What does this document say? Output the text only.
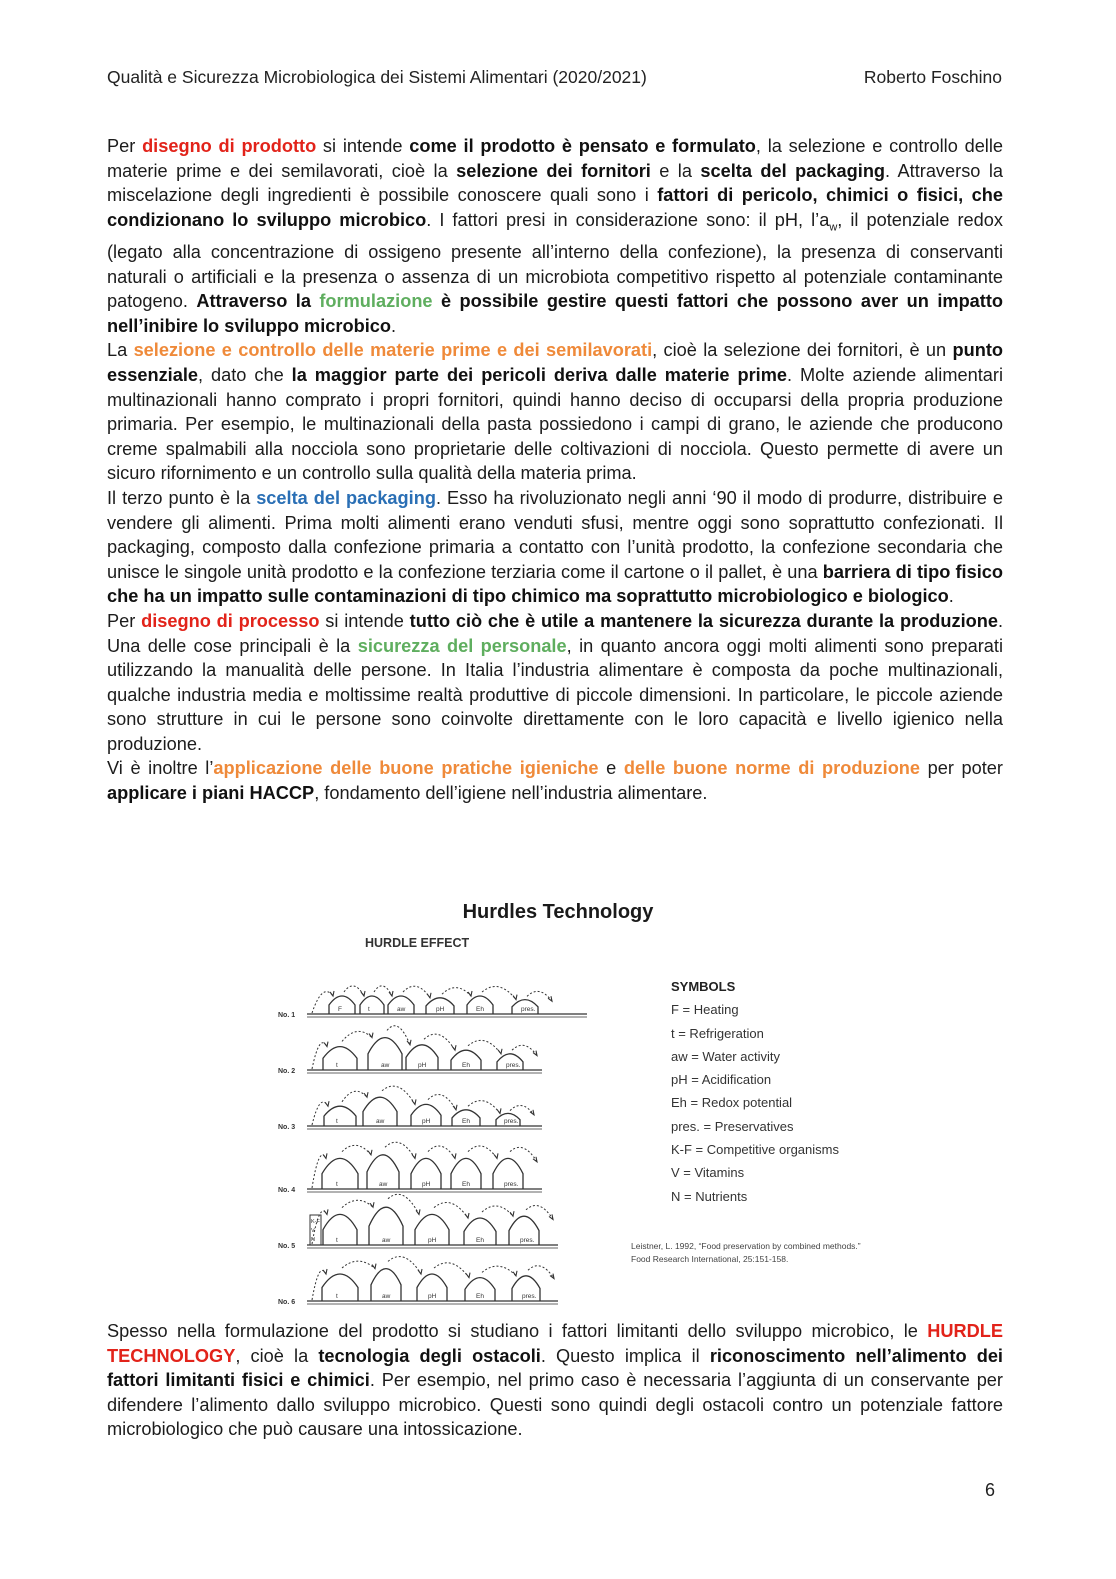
Qualità e Sicurezza Microbiologica dei Sistemi Alimentari (2020/2021)	Roberto Foschino

Per disegno di prodotto si intende come il prodotto è pensato e formulato, la selezione e controllo delle materie prime e dei semilavorati, cioè la selezione dei fornitori e la scelta del packaging. Attraverso la miscelazione degli ingredienti è possibile conoscere quali sono i fattori di pericolo, chimici o fisici, che condizionano lo sviluppo microbico. I fattori presi in considerazione sono: il pH, $l’a_w$, il potenziale redox (legato alla concentrazione di ossigeno presente all’interno della confezione), la presenza di conservanti naturali o artificiali e la presenza o assenza di un microbiota competitivo rispetto al potenziale contaminante patogeno. Attraverso la formulazione è possibile gestire questi fattori che possono aver un impatto nell’inibire lo sviluppo microbico.

La selezione e controllo delle materie prime e dei semilavorati, cioè la selezione dei fornitori, è un punto essenziale, dato che la maggior parte dei pericoli deriva dalle materie prime. Molte aziende alimentari multinazionali hanno comprato i propri fornitori, quindi hanno deciso di occuparsi della propria produzione primaria. Per esempio, le multinazionali della pasta possiedono i campi di grano, le aziende che producono creme spalmabili alla nocciola sono proprietarie delle coltivazioni di nocciola. Questo permette di avere un sicuro rifornimento e un controllo sulla qualità della materia prima.

Il terzo punto è la scelta del packaging. Esso ha rivoluzionato negli anni ‘90 il modo di produrre, distribuire e vendere gli alimenti. Prima molti alimenti erano venduti sfusi, mentre oggi sono soprattutto confezionati. Il packaging, composto dalla confezione primaria a contatto con l’unità prodotto, la confezione secondaria che unisce le singole unità prodotto e la confezione terziaria come il cartone o il pallet, è una barriera di tipo fisico che ha un impatto sulle contaminazioni di tipo chimico ma soprattutto microbiologico e biologico.

Per disegno di processo si intende tutto ciò che è utile a mantenere la sicurezza durante la produzione. Una delle cose principali è la sicurezza del personale, in quanto ancora oggi molti alimenti sono preparati utilizzando la manualità delle persone. In Italia l’industria alimentare è composta da poche multinazionali, qualche industria media e moltissime realtà produttive di piccole dimensioni. In particolare, le piccole aziende sono strutture in cui le persone sono coinvolte direttamente con le loro capacità e livello igienico nella produzione.

Vi è inoltre l’applicazione delle buone pratiche igieniche e delle buone norme di produzione per poter applicare i piani HACCP, fondamento dell’igiene nell’industria alimentare.

Hurdles Technology
HURDLE EFFECT
No. 1
F	t	aw	pH	Eh	pres.
No. 2
t	aw	pH	Eh	pres.
No. 3
t	aw	pH	Eh	pres.
No. 4
t	aw	pH	Eh	pres.
No. 5
t	aw	pH	Eh	pres.
No. 6
t	aw	pH	Eh	pres.
K-F
V
N
SYMBOLS
F = Heating
t = Refrigeration
aw = Water activity
pH = Acidification
Eh = Redox potential
pres. = Preservatives
K-F = Competitive organisms
V = Vitamins
N = Nutrients
Leistner, L. 1992, “Food preservation by combined methods.”
Food Research International, 25:151-158.

Spesso nella formulazione del prodotto si studiano i fattori limitanti dello sviluppo microbico, le HURDLE TECHNOLOGY, cioè la tecnologia degli ostacoli. Questo implica il riconoscimento nell’alimento dei fattori limitanti fisici e chimici. Per esempio, nel primo caso è necessaria l’aggiunta di un conservante per difendere l’alimento dallo sviluppo microbico. Questi sono quindi degli ostacoli contro un potenziale fattore microbiologico che può causare una intossicazione.

6
